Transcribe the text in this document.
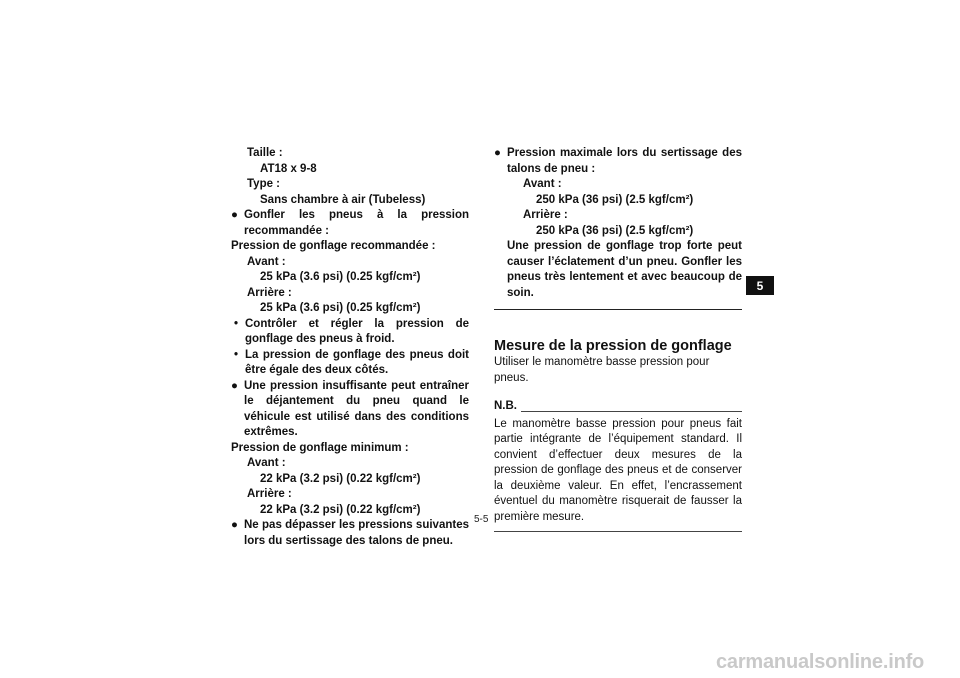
Taille :
AT18 x 9-8
Type :
Sans chambre à air (Tubeless)
● Gonfler les pneus à la pression recommandée :
Pression de gonflage recommandée :
Avant :
25 kPa (3.6 psi) (0.25 kgf/cm²)
Arrière :
25 kPa (3.6 psi) (0.25 kgf/cm²)
• Contrôler et régler la pression de gonflage des pneus à froid.
• La pression de gonflage des pneus doit être égale des deux côtés.
● Une pression insuffisante peut entraîner le déjantement du pneu quand le véhicule est utilisé dans des conditions extrêmes.
Pression de gonflage minimum :
Avant :
22 kPa (3.2 psi) (0.22 kgf/cm²)
Arrière :
22 kPa (3.2 psi) (0.22 kgf/cm²)
● Ne pas dépasser les pressions suivantes lors du sertissage des talons de pneu.
● Pression maximale lors du sertissage des talons de pneu :
Avant :
250 kPa (36 psi) (2.5 kgf/cm²)
Arrière :
250 kPa (36 psi) (2.5 kgf/cm²)
Une pression de gonflage trop forte peut causer l’éclatement d’un pneu. Gonfler les pneus très lentement et avec beaucoup de soin.
Mesure de la pression de gonflage
Utiliser le manomètre basse pression pour pneus.
N.B.
Le manomètre basse pression pour pneus fait partie intégrante de l’équipement standard. Il convient d’effectuer deux mesures de la pression de gonflage des pneus et de conserver la deuxième valeur. En effet, l’encrassement éventuel du manomètre risquerait de fausser la première mesure.
5
5-5
carmanualsonline.info
